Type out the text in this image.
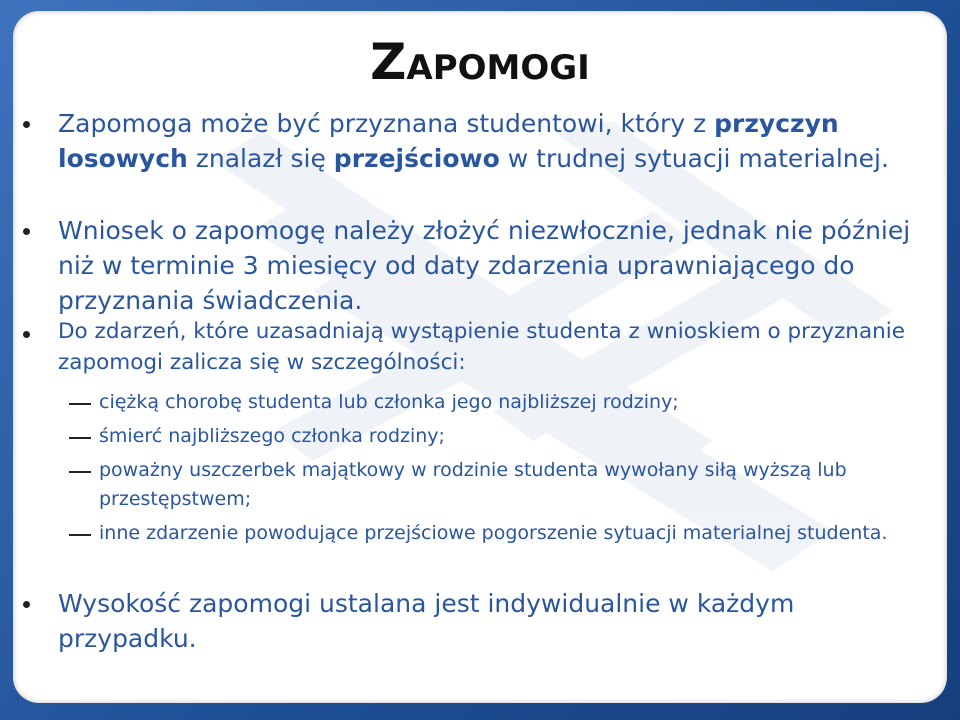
ZAPOMOGI
Zapomoga może być przyznana studentowi, który z przyczyn losowych znalazł się przejściowo w trudnej sytuacji materialnej.
Wniosek o zapomogę należy złożyć niezwłocznie, jednak nie później niż w terminie 3 miesięcy od daty zdarzenia uprawniającego do przyznania świadczenia.
Do zdarzeń, które uzasadniają wystąpienie studenta z wnioskiem o przyznanie zapomogi zalicza się w szczególności:
ciężką chorobę studenta lub członka jego najbliższej rodziny;
śmierć najbliższego członka rodziny;
poważny uszczerbek majątkowy w rodzinie studenta wywołany siłą wyższą lub przestępstwem;
inne zdarzenie powodujące przejściowe pogorszenie sytuacji materialnej studenta.
Wysokość zapomogi ustalana jest indywidualnie w każdym przypadku.
